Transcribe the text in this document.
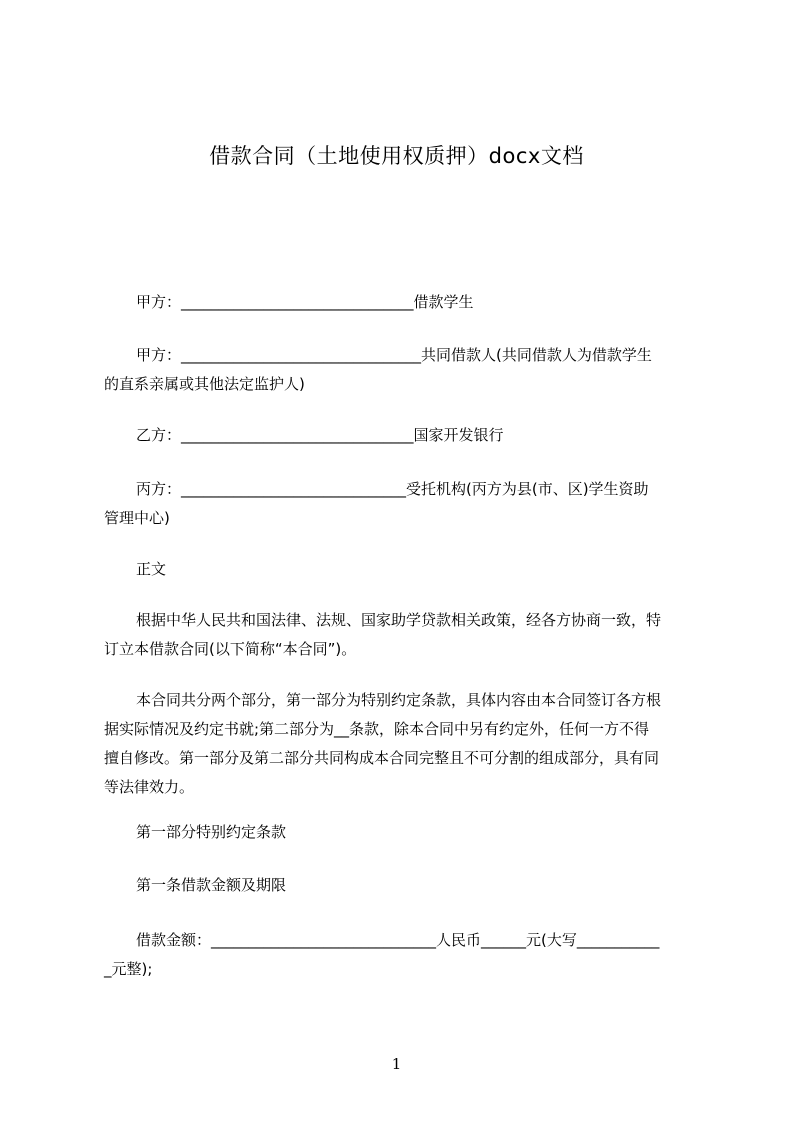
借款合同（土地使用权质押）docx文档
甲方：_______________________________借款学生
甲方：________________________________共同借款人(共同借款人为借款学生
的直系亲属或其他法定监护人)
乙方：_______________________________国家开发银行
丙方：______________________________受托机构(丙方为县(市、区)学生资助
管理中心)
正文
根据中华人民共和国法律、法规、国家助学贷款相关政策，经各方协商一致，特
订立本借款合同(以下简称“本合同”)。
本合同共分两个部分，第一部分为特别约定条款，具体内容由本合同签订各方根
据实际情况及约定书就;第二部分为__条款，除本合同中另有约定外，任何一方不得
擅自修改。第一部分及第二部分共同构成本合同完整且不可分割的组成部分，具有同
等法律效力。
第一部分特别约定条款
第一条借款金额及期限
借款金额：______________________________人民币______元(大写___________
_元整);
1
